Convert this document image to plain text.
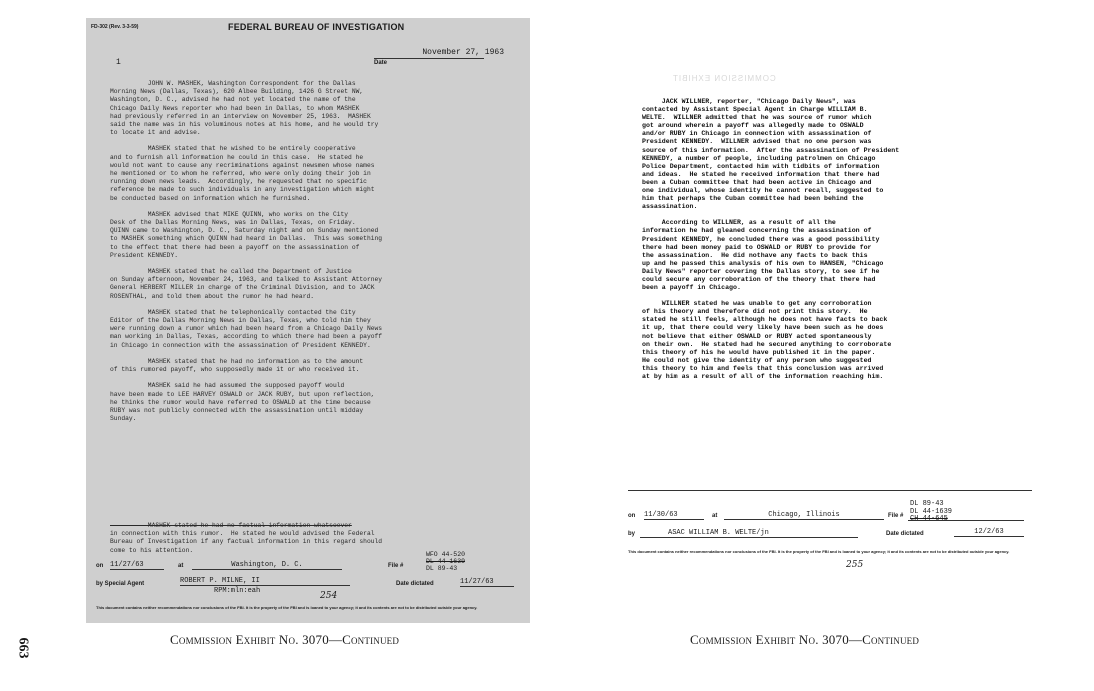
FD-302 (Rev. 3-3-59)	FEDERAL BUREAU OF INVESTIGATION
1
November 27, 1963
Date

JOHN W. MASHEK, Washington Correspondent for the Dallas

Morning News (Dallas, Texas), 620 Albee Building, 1426 G Street NW,

Washington, D. C., advised he had not yet located the name of the

Chicago Daily News reporter who had been in Dallas, to whom MASHEK

had previously referred in an interview on November 25, 1963.  MASHEK

said the name was in his voluminous notes at his home, and he would try

to locate it and advise.

MASHEK stated that he wished to be entirely cooperative

and to furnish all information he could in this case.  He stated he

would not want to cause any recriminations against newsmen whose names

he mentioned or to whom he referred, who were only doing their job in

running down news leads.  Accordingly, he requested that no specific

reference be made to such individuals in any investigation which might

be conducted based on information which he furnished.

MASHEK advised that MIKE QUINN, who works on the City

Desk of the Dallas Morning News, was in Dallas, Texas, on Friday.

QUINN came to Washington, D. C., Saturday night and on Sunday mentioned

to MASHEK something which QUINN had heard in Dallas.  This was something

to the effect that there had been a payoff on the assassination of

President KENNEDY.

MASHEK stated that he called the Department of Justice

on Sunday afternoon, November 24, 1963, and talked to Assistant Attorney

General HERBERT MILLER in charge of the Criminal Division, and to JACK

ROSENTHAL, and told them about the rumor he had heard.

MASHEK stated that he telephonically contacted the City

Editor of the Dallas Morning News in Dallas, Texas, who told him they

were running down a rumor which had been heard from a Chicago Daily News

man working in Dallas, Texas, according to which there had been a payoff

in Chicago in connection with the assassination of President KENNEDY.

MASHEK stated that he had no information as to the amount

of this rumored payoff, who supposedly made it or who received it.

MASHEK said he had assumed the supposed payoff would

have been made to LEE HARVEY OSWALD or JACK RUBY, but upon reflection,

he thinks the rumor would have referred to OSWALD at the time because

RUBY was not publicly connected with the assassination until midday

Sunday.

MASHEK stated he had no factual information whatsoever

in connection with this rumor.  He stated he would advised the Federal

Bureau of Investigation if any factual information in this regard should

come to his attention.

on 11/27/63	at	Washington, D. C.	File #
WFO 44-520
DL 44-1639
DL 89-43
by Special Agent	ROBERT P. MILNE, II
RPM:mln:eah
Date dictated	11/27/63
254
This document contains neither recommendations nor conclusions of the FBI. It is the property of the FBI and is loaned to your agency; it and its contents are not to be distributed outside your agency.
COMMISSION EXHIBIT

JACK WILLNER, reporter, "Chicago Daily News", was

contacted by Assistant Special Agent in Charge WILLIAM B.

WELTE.  WILLNER admitted that he was source of rumor which

got around wherein a payoff was allegedly made to OSWALD

and/or RUBY in Chicago in connection with assassination of

President KENNEDY.  WILLNER advised that no one person was

source of this information.  After the assassination of President

KENNEDY, a number of people, including patrolmen on Chicago

Police Department, contacted him with tidbits of information

and ideas.  He stated he received information that there had

been a Cuban committee that had been active in Chicago and

one individual, whose identity he cannot recall, suggested to

him that perhaps the Cuban committee had been behind the

assassination.

According to WILLNER, as a result of all the

information he had gleaned concerning the assassination of

President KENNEDY, he concluded there was a good possibility

there had been money paid to OSWALD or RUBY to provide for

the assassination.  He did nothave any facts to back this

up and he passed this analysis of his own to HANSEN, "Chicago

Daily News" reporter covering the Dallas story, to see if he

could secure any corroboration of the theory that there had

been a payoff in Chicago.

WILLNER stated he was unable to get any corroboration

of his theory and therefore did not print this story.  He

stated he still feels, although he does not have facts to back

it up, that there could very likely have been such as he does

not believe that either OSWALD or RUBY acted spontaneously

on their own.  He stated had he secured anything to corroborate

this theory of his he would have published it in the paper.

He could not give the identity of any person who suggested

this theory to him and feels that this conclusion was arrived

at by him as a result of all of the information reaching him.

DL 89-43
DL 44-1639
CH 44-645
on 11/30/63	at	Chicago, Illinois	File #
by	ASAC WILLIAM B. WELTE/jn	Date dictated	12/2/63
This document contains neither recommendations nor conclusions of the FBI. It is the property of the FBI and is loaned to your agency; it and its contents are not to be distributed outside your agency.
255
Commission Exhibit No. 3070—Continued	Commission Exhibit No. 3070—Continued
663
